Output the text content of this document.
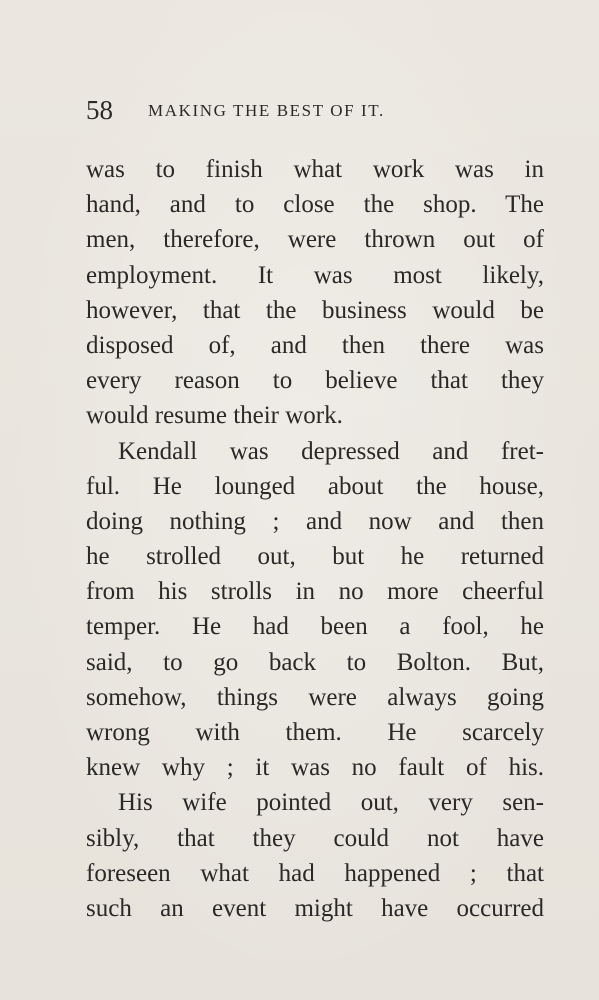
58 MAKING THE BEST OF IT.
was to finish what work was in
hand, and to close the shop. The
men, therefore, were thrown out of
employment. It was most likely,
however, that the business would be
disposed of, and then there was
every reason to believe that they
would resume their work.
Kendall was depressed and fret-
ful. He lounged about the house,
doing nothing ; and now and then
he strolled out, but he returned
from his strolls in no more cheerful
temper. He had been a fool, he
said, to go back to Bolton. But,
somehow, things were always going
wrong with them. He scarcely
knew why ; it was no fault of his.
His wife pointed out, very sen-
sibly, that they could not have
foreseen what had happened ; that
such an event might have occurred
